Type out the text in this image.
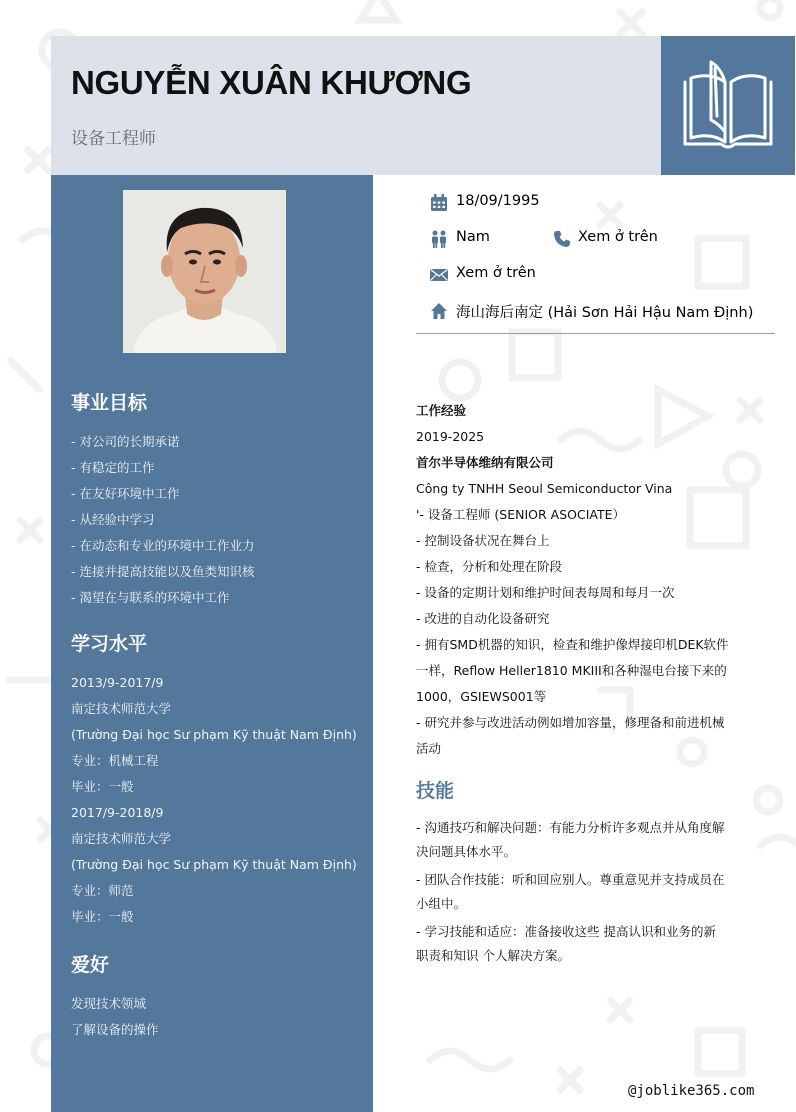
NGUYỄN XUÂN KHƯƠNG
设备工程师
事业目标
- 对公司的长期承诺
- 有稳定的工作
- 在友好环境中工作
- 从经验中学习
- 在动态和专业的环境中工作业力
- 连接并提高技能以及鱼类知识核
- 渴望在与联系的环境中工作
学习水平
2013/9-2017/9
南定技术师范大学
(Trường Đại học Sư phạm Kỹ thuật Nam Định)
专业：机械工程
毕业：一般
2017/9-2018/9
南定技术师范大学
(Trường Đại học Sư phạm Kỹ thuật Nam Định)
专业：师范
毕业：一般
爱好
发现技术领域
了解设备的操作
18/09/1995
Nam	Xem ở trên
Xem ở trên
海山海后南定 (Hải Sơn Hải Hậu Nam Định)
工作经验
2019-2025
首尔半导体维纳有限公司
Công ty TNHH Seoul Semiconductor Vina
'- 设备工程师 (SENIOR ASOCIATE）
- 控制设备状况在舞台上
- 检查，分析和处理在阶段
- 设备的定期计划和维护时间表每周和每月一次
- 改进的自动化设备研究
- 拥有SMD机器的知识，检查和维护像焊接印机DEK软件
一样，Reflow Heller1810 MKIII和各种湿电台接下来的
1000，GSIEWS001等
- 研究并参与改进活动例如增加容量，修理备和前进机械
活动
技能
- 沟通技巧和解决问题：有能力分析许多观点并从角度解
决问题具体水平。
- 团队合作技能：听和回应别人。尊重意见并支持成员在
小组中。
- 学习技能和适应：准备接收这些 提高认识和业务的新
职责和知识 个人解决方案。
@joblike365.com
